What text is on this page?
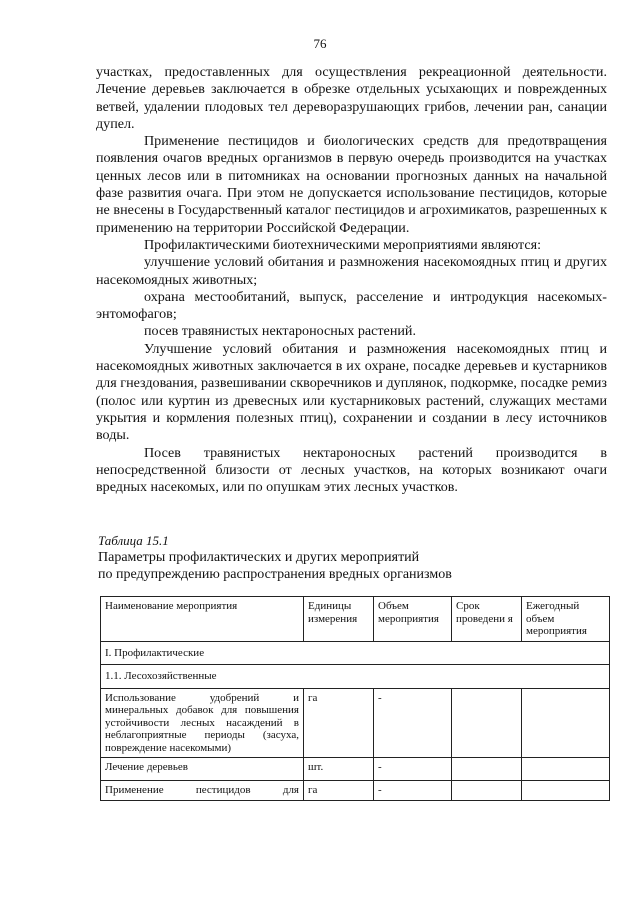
76

участках, предоставленных для осуществления рекреационной деятельности. Лечение деревьев заключается в обрезке отдельных усыхающих и поврежденных ветвей, удалении плодовых тел дереворазрушающих грибов, лечении ран, санации дупел.

Применение пестицидов и биологических средств для предотвращения появления очагов вредных организмов в первую очередь производится на участках ценных лесов или в питомниках на основании прогнозных данных на начальной фазе развития очага. При этом не допускается использование пестицидов, которые не внесены в Государственный каталог пестицидов и агрохимикатов, разрешенных к применению на территории Российской Федерации.

Профилактическими биотехническими мероприятиями являются:

улучшение условий обитания и размножения насекомоядных птиц и других насекомоядных животных;

охрана местообитаний, выпуск, расселение и интродукция насекомых-энтомофагов;

посев травянистых нектароносных растений.

Улучшение условий обитания и размножения насекомоядных птиц и насекомоядных животных заключается в их охране, посадке деревьев и кустарников для гнездования, развешивании скворечников и дуплянок, подкормке, посадке ремиз (полос или куртин из древесных или кустарниковых растений, служащих местами укрытия и кормления полезных птиц), сохранении и создании в лесу источников воды.

Посев травянистых нектароносных растений производится в непосредственной близости от лесных участков, на которых возникают очаги вредных насекомых, или по опушкам этих лесных участков.

Таблица 15.1
Параметры профилактических и других мероприятий
по предупреждению распространения вредных организмов
Наименование мероприятия	Единицы измерения	Объем мероприятия	Срок проведени я	Ежегодный объем мероприятия
I. Профилактические				
1.1. Лесохозяйственные				
Использование удобрений и минеральных добавок для повышения устойчивости лесных насаждений в неблагоприятные периоды (засуха, повреждение насекомыми)	га	-		
Лечение деревьев	шт.	-		
Применение пестицидов для	га	-		
